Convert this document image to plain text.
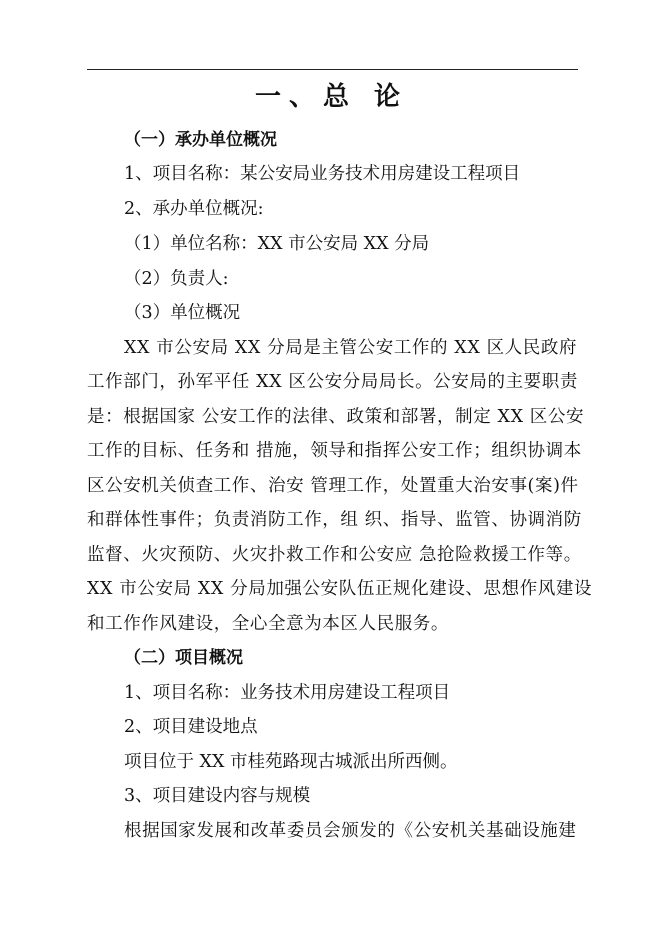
一、总 论
（一）承办单位概况
1、项目名称：某公安局业务技术用房建设工程项目
2、承办单位概况:
（1）单位名称：XX 市公安局 XX 分局
（2）负责人:
（3）单位概况
XX 市公安局 XX 分局是主管公安工作的 XX 区人民政府
工作部门，孙军平任 XX 区公安分局局长。公安局的主要职责
是：根据国家 公安工作的法律、政策和部署，制定 XX 区公安
工作的目标、任务和 措施，领导和指挥公安工作；组织协调本
区公安机关侦查工作、治安 管理工作，处置重大治安事(案)件
和群体性事件；负责消防工作，组 织、指导、监管、协调消防
监督、火灾预防、火灾扑救工作和公安应 急抢险救援工作等。
XX 市公安局 XX 分局加强公安队伍正规化建设、思想作风建设
和工作作风建设，全心全意为本区人民服务。
（二）项目概况
1、项目名称：业务技术用房建设工程项目
2、项目建设地点
项目位于 XX 市桂苑路现古城派出所西侧。
3、项目建设内容与规模
根据国家发展和改革委员会颁发的《公安机关基础设施建
